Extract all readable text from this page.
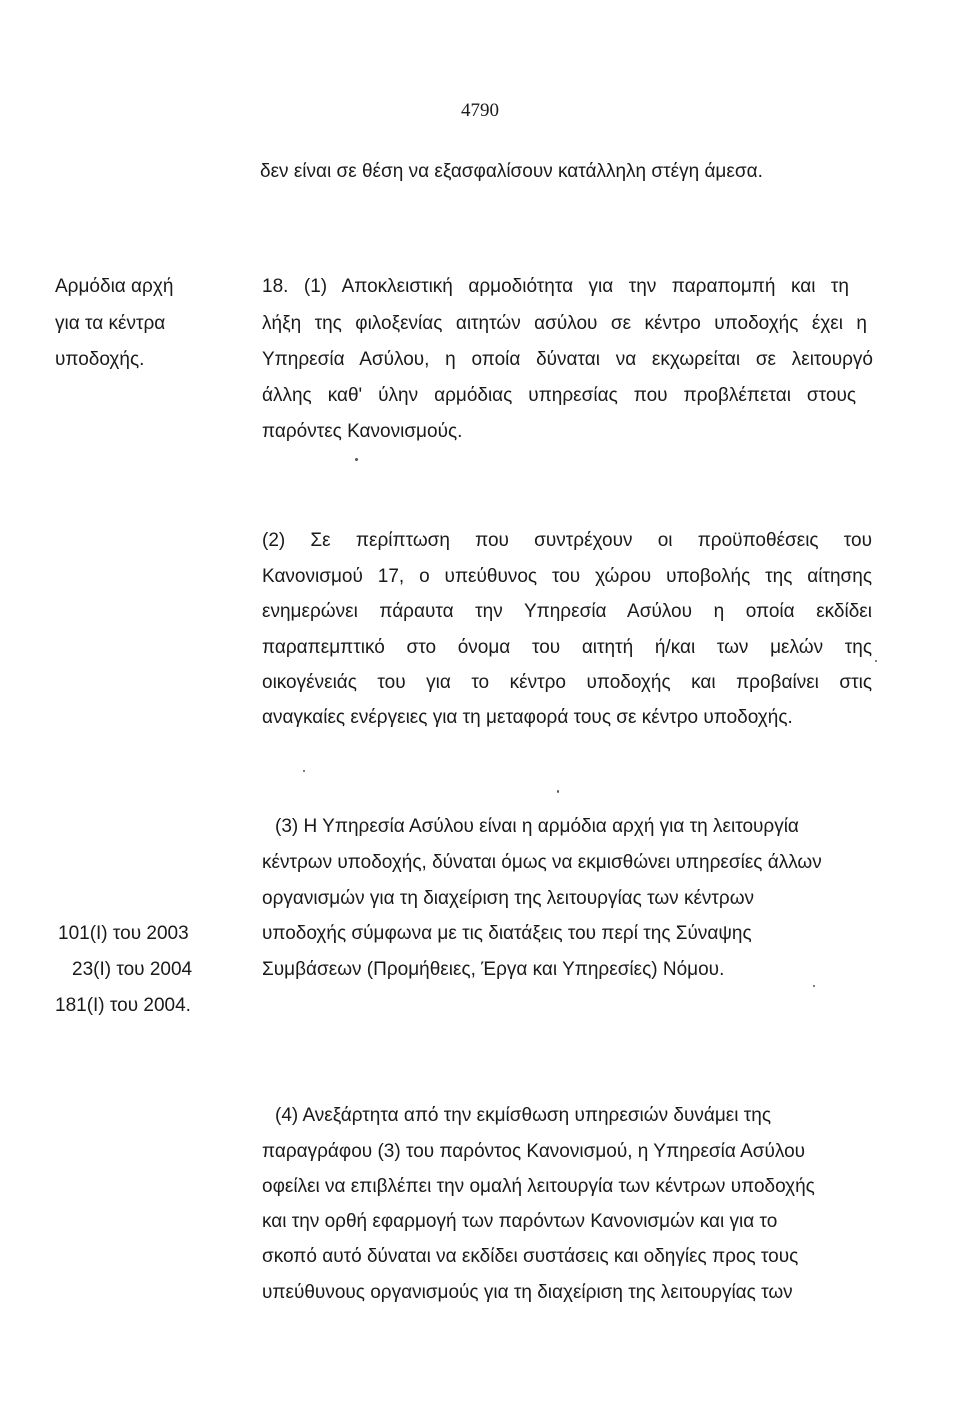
4790
δεν είναι σε θέση να εξασφαλίσουν κατάλληλη στέγη άμεσα.
Αρμόδια αρχή
για τα κέντρα
υποδοχής.
18. (1) Αποκλειστική αρμοδιότητα για την παραπομπή και τη
λήξη της φιλοξενίας αιτητών ασύλου σε κέντρο υποδοχής έχει η
Υπηρεσία Ασύλου, η οποία δύναται να εκχωρείται σε λειτουργό
άλλης καθ' ύλην αρμόδιας υπηρεσίας που προβλέπεται στους
παρόντες Κανονισμούς.
(2) Σε περίπτωση που συντρέχουν οι προϋποθέσεις του
Κανονισμού 17, ο υπεύθυνος του χώρου υποβολής της αίτησης
ενημερώνει πάραυτα την Υπηρεσία Ασύλου η οποία εκδίδει
παραπεμπτικό στο όνομα του αιτητή ή/και των μελών της
οικογένειάς του για το κέντρο υποδοχής και προβαίνει στις
αναγκαίες ενέργειες για τη μεταφορά τους σε κέντρο υποδοχής.
101(I) του 2003
23(I) του 2004
181(I) του 2004.
(3) Η Υπηρεσία Ασύλου είναι η αρμόδια αρχή για τη λειτουργία
κέντρων υποδοχής, δύναται όμως να εκμισθώνει υπηρεσίες άλλων
οργανισμών για τη διαχείριση της λειτουργίας των κέντρων
υποδοχής σύμφωνα με τις διατάξεις του περί της Σύναψης
Συμβάσεων (Προμήθειες, Έργα και Υπηρεσίες) Νόμου.
(4) Ανεξάρτητα από την εκμίσθωση υπηρεσιών δυνάμει της
παραγράφου (3) του παρόντος Κανονισμού, η Υπηρεσία Ασύλου
οφείλει να επιβλέπει την ομαλή λειτουργία των κέντρων υποδοχής
και την ορθή εφαρμογή των παρόντων Κανονισμών και για το
σκοπό αυτό δύναται να εκδίδει συστάσεις και οδηγίες προς τους
υπεύθυνους οργανισμούς για τη διαχείριση της λειτουργίας των
